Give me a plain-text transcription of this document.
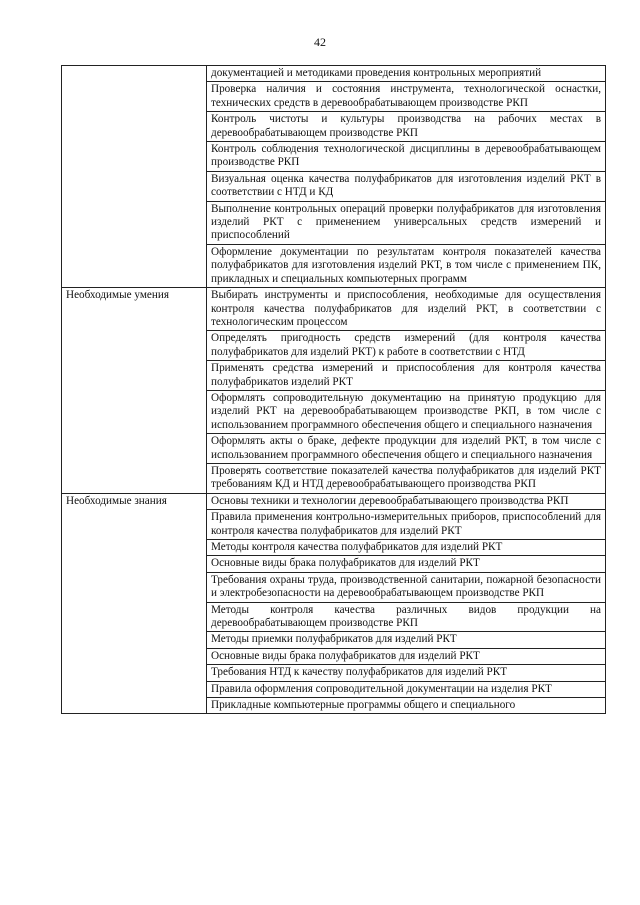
42
	документацией и методиками проведения контрольных мероприятий
	Проверка наличия и состояния инструмента, технологической оснастки, технических средств в деревообрабатывающем производстве РКП
	Контроль чистоты и культуры производства на рабочих местах в деревообрабатывающем производстве РКП
	Контроль соблюдения технологической дисциплины в деревообрабатывающем производстве РКП
	Визуальная оценка качества полуфабрикатов для изготовления изделий РКТ в соответствии с НТД и КД
	Выполнение контрольных операций проверки полуфабрикатов для изготовления изделий РКТ с применением универсальных средств измерений и приспособлений
	Оформление документации по результатам контроля показателей качества полуфабрикатов для изготовления изделий РКТ, в том числе с применением ПК, прикладных и специальных компьютерных программ
Необходимые умения	Выбирать инструменты и приспособления, необходимые для осуществления контроля качества полуфабрикатов для изделий РКТ, в соответствии с технологическим процессом
	Определять пригодность средств измерений (для контроля качества полуфабрикатов для изделий РКТ) к работе в соответствии с НТД
	Применять средства измерений и приспособления для контроля качества полуфабрикатов изделий РКТ
	Оформлять сопроводительную документацию на принятую продукцию для изделий РКТ на деревообрабатывающем производстве РКП, в том числе с использованием программного обеспечения общего и специального назначения
	Оформлять акты о браке, дефекте продукции для изделий РКТ, в том числе с использованием программного обеспечения общего и специального назначения
	Проверять соответствие показателей качества полуфабрикатов для изделий РКТ требованиям КД и НТД деревообрабатывающего производства РКП
Необходимые знания	Основы техники и технологии деревообрабатывающего производства РКП
	Правила применения контрольно-измерительных приборов, приспособлений для контроля качества полуфабрикатов для изделий РКТ
	Методы контроля качества полуфабрикатов для изделий РКТ
	Основные виды брака полуфабрикатов для изделий РКТ
	Требования охраны труда, производственной санитарии, пожарной безопасности и электробезопасности на деревообрабатывающем производстве РКП
	Методы контроля качества различных видов продукции на деревообрабатывающем производстве РКП
	Методы приемки полуфабрикатов для изделий РКТ
	Основные виды брака полуфабрикатов для изделий РКТ
	Требования НТД к качеству полуфабрикатов для изделий РКТ
	Правила оформления сопроводительной документации на изделия РКТ
	Прикладные компьютерные программы общего и специального
